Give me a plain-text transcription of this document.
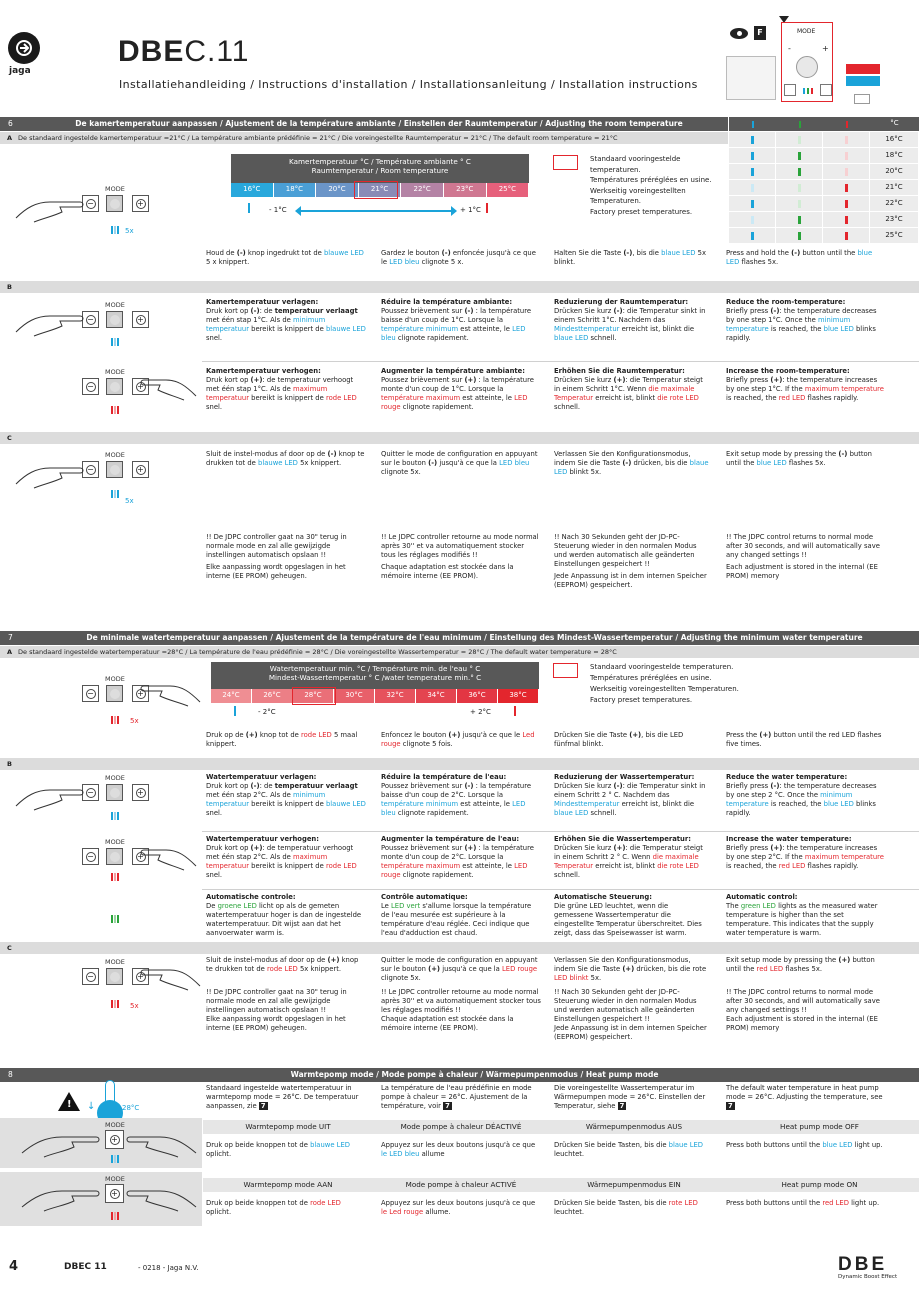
jaga
DBEC.11
Installatiehandleiding / Instructions d'installation / Installationsanleitung / Installation instructions
F	MODE
-	+
6	De kamertemperatuur aanpassen / Ajustement de la température ambiante / Einstellen der Raumtemperatur / Adjusting the room temperature	°C
A De standaard ingestelde kamertemperatuur =21°C / La température ambiante prédéfinie = 21°C / Die voreingestellte Raumtemperatur = 21°C / The default room temperature = 21°C	16°C
18°C
20°C
21°C
22°C
23°C
25°C
Kamertemperatuur °C / Température ambiante ° C
Raumtemperatur / Room temperature
16°C	18°C	20°C	21°C	22°C	23°C	25°C
- 1°C	+ 1°C
Standaard vooringestelde temperaturen.
Températures préréglées en usine.
Werkseitig voreingestellten Temperaturen.
Factory preset temperatures.
MODE
−	+
5x
Houd de (-) knop ingedrukt tot de blauwe LED 5 x knippert.
Gardez le bouton (-) enfoncée jusqu'à ce que le LED bleu clignote 5 x.
Halten Sie die Taste (-), bis die blaue LED 5x blinkt.
Press and hold the (-) button until the blue LED flashes 5x.
B
MODE
−	+
Kamertemperatuur verlagen:
Druk kort op (-): de temperatuur verlaagt met één stap 1°C. Als de minimum temperatuur bereikt is knippert de blauwe LED snel.
Réduire la température ambiante:
Poussez brièvement sur (-) : la température baisse d'un coup de 1°C. Lorsque la température minimum est atteinte, le LED bleu clignote rapidement.
Reduzierung der Raumtemperatur:
Drücken Sie kurz (-): die Temperatur sinkt in einem Schritt 1°C. Nachdem das Mindesttemperatur erreicht ist, blinkt die blaue LED schnell.
Reduce the room-temperature:
Briefly press (-): the temperature decreases by one step 1°C. Once the minimum temperature is reached, the blue LED blinks rapidly.
MODE
−	+
Kamertemperatuur verhogen:
Druk kort op (+): de temperatuur verhoogt met één stap 1°C. Als de maximum temperatuur bereikt is knippert de rode LED snel.
Augmenter la température ambiante:
Poussez brièvement sur (+) : la température monte d'un coup de 1°C. Lorsque la température maximum est atteinte, le LED rouge clignote rapidement.
Erhöhen Sie die Raumtemperatur:
Drücken Sie kurz (+): die Temperatur steigt in einem Schritt 1°C. Wenn die maximale Temperatur erreicht ist, blinkt die rote LED schnell.
Increase the room-temperature:
Briefly press (+): the temperature increases by one step 1°C. If the maximum temperature is reached, the red LED flashes rapidly.
C
MODE
−	+
5x
Sluit de instel-modus af door op de (-) knop te drukken tot de blauwe LED 5x knippert.
Quitter le mode de configuration en appuyant sur le bouton (-) jusqu'à ce que la LED bleu clignote 5x.
Verlassen Sie den Konfigurationsmodus, indem Sie die Taste (-) drücken, bis die blaue LED blinkt 5x.
Exit setup mode by pressing the (-) button until the blue LED flashes 5x.
!! De JDPC controller gaat na 30" terug in normale mode en zal alle gewijzigde instellingen automatisch opslaan !!
Elke aanpassing wordt opgeslagen in het interne (EE PROM) geheugen.
!! Le JDPC controller retourne au mode normal après 30'' et va automatiquement stocker tous les réglages modifiés !!
Chaque adaptation est stockée dans la mémoire interne (EE PROM).
!! Nach 30 Sekunden geht der JD-PC-Steuerung wieder in den normalen Modus und werden automatisch alle geänderten Einstellungen gespeichert !!
Jede Anpassung ist in dem internen Speicher (EEPROM) gespeichert.
!! The JDPC control returns to normal mode after 30 seconds, and will automatically save any changed settings !!
Each adjustment is stored in the internal (EE PROM) memory
7	De minimale watertemperatuur aanpassen / Ajustement de la température de l'eau minimum / Einstellung des Mindest-Wassertemperatur / Adjusting the minimum water temperature
A De standaard ingestelde watertemperatuur =28°C / La température de l'eau prédéfinie = 28°C / Die voreingestellte Wassertemperatur = 28°C / The default water temperature = 28°C
Watertemperatuur min. °C / Température min. de l'eau ° C
Mindest-Wassertemperatur ° C /water temperature min.° C
24°C	26°C	28°C	30°C	32°C	34°C	36°C	38°C
- 2°C	+ 2°C
Standaard vooringestelde temperaturen.
Températures préréglées en usine.
Werkseitig voreingestellten Temperaturen.
Factory preset temperatures.
MODE
−	+
5x
Druk op de (+) knop tot de rode LED 5 maal knippert.
Enfoncez le bouton (+) jusqu'à ce que le Led rouge clignote 5 fois.
Drücken Sie die Taste (+), bis die LED fünfmal blinkt.
Press the (+) button until the red LED flashes five times.
B
MODE
−	+
Watertemperatuur verlagen:
Druk kort op (-): de temperatuur verlaagt met één stap 2°C. Als de minimum temperatuur bereikt is knippert de blauwe LED snel.
Réduire la température de l'eau:
Poussez brièvement sur (-) : la température baisse d'un coup de 2°C. Lorsque la température minimum est atteinte, le LED bleu clignote rapidement.
Reduzierung der Wassertemperatur:
Drücken Sie kurz (-): die Temperatur sinkt in einem Schritt 2 ° C. Nachdem das Mindesttemperatur erreicht ist, blinkt die blaue LED schnell.
Reduce the water temperature:
Briefly press (-): the temperature decreases by one step 2 °C. Once the minimum temperature is reached, the blue LED blinks rapidly.
MODE
−	+
Watertemperatuur verhogen:
Druk kort op (+): de temperatuur verhoogt met één stap 2°C. Als de maximum temperatuur bereikt is knippert de rode LED snel.
Augmenter la température de l'eau:
Poussez brièvement sur (+) : la température monte d'un coup de 2°C. Lorsque la température maximum est atteinte, le LED rouge clignote rapidement.
Erhöhen Sie die Wassertemperatur:
Drücken Sie kurz (+): die Temperatur steigt in einem Schritt 2 ° C. Wenn die maximale Temperatur erreicht ist, blinkt die rote LED schnell.
Increase the water temperature:
Briefly press (+): the temperature increases by one step 2°C. If the maximum temperature is reached, the red LED flashes rapidly.
Automatische controle:
De groene LED licht op als de gemeten watertemperatuur hoger is dan de ingestelde watertemperatuur. Dit wijst aan dat het aanvoerwater warm is.
Contrôle automatique:
Le LED vert s'allume lorsque la température de l'eau mesurée est supérieure à la température d'eau réglée. Ceci indique que l'eau d'adduction est chaud.
Automatische Steuerung:
Die grüne LED leuchtet, wenn die gemessene Wassertemperatur die eingestellte Temperatur überschreitet. Dies zeigt, dass das Speisewasser ist warm.
Automatic control:
The green LED lights as the measured water temperature is higher than the set temperature. This indicates that the supply water temperature is warm.
C
MODE
−	+
5x
Sluit de instel-modus af door op de (+) knop te drukken tot de rode LED 5x knippert.
Quitter le mode de configuration en appuyant sur le bouton (+) jusqu'à ce que la LED rouge clignote 5x.
Verlassen Sie den Konfigurationsmodus, indem Sie die Taste (+) drücken, bis die rote LED blinkt 5x.
Exit setup mode by pressing the (+) button until the red LED flashes 5x.
!! De JDPC controller gaat na 30" terug in normale mode en zal alle gewijzigde instellingen automatisch opslaan !!
Elke aanpassing wordt opgeslagen in het interne (EE PROM) geheugen.
!! Le JDPC controller retourne au mode normal après 30'' et va automatiquement stocker tous les réglages modifiés !!
Chaque adaptation est stockée dans la mémoire interne (EE PROM).
!! Nach 30 Sekunden geht der JD-PC-Steuerung wieder in den normalen Modus und werden automatisch alle geänderten Einstellungen gespeichert !!
Jede Anpassung ist in dem internen Speicher (EEPROM) gespeichert.
!! The JDPC control returns to normal mode after 30 seconds, and will automatically save any changed settings !!
Each adjustment is stored in the internal (EE PROM) memory
8	Warmtepomp mode / Mode pompe à chaleur / Wärmepumpenmodus / Heat pump mode
! ↓	28°C
Standaard ingestelde watertemperatuur in warmtepomp mode = 26°C. De temperatuur aanpassen, zie 7
La température de l'eau prédéfinie en mode pompe à chaleur = 26°C. Ajustement de la température, voir 7
Die voreingestellte Wassertemperatur im Wärmepumpen mode = 26°C. Einstellen der Temperatur, siehe 7
The default water temperature in heat pump mode = 26°C. Adjusting the temperature, see 7
MODE
+
Warmtepomp mode UIT	Mode pompe à chaleur DÉACTIVÉ	Wärmepumpenmodus AUS	Heat pump mode OFF
Druk op beide knoppen tot de blauwe LED oplicht.
Appuyez sur les deux boutons jusqu'à ce que le LED bleu allume
Drücken Sie beide Tasten, bis die blaue LED leuchtet.
Press both buttons until the blue LED light up.
MODE
+
Warmtepomp mode AAN	Mode pompe à chaleur ACTIVÉ	Wärmepumpenmodus EIN	Heat pump mode ON
Druk op beide knoppen tot de rode LED oplicht.
Appuyez sur les deux boutons jusqu'à ce que le Led rouge allume.
Drücken Sie beide Tasten, bis die rote LED leuchtet.
Press both buttons until the red LED light up.
4	DBEC 11	- 0218 - Jaga N.V.	DBE
Dynamic Boost Effect
